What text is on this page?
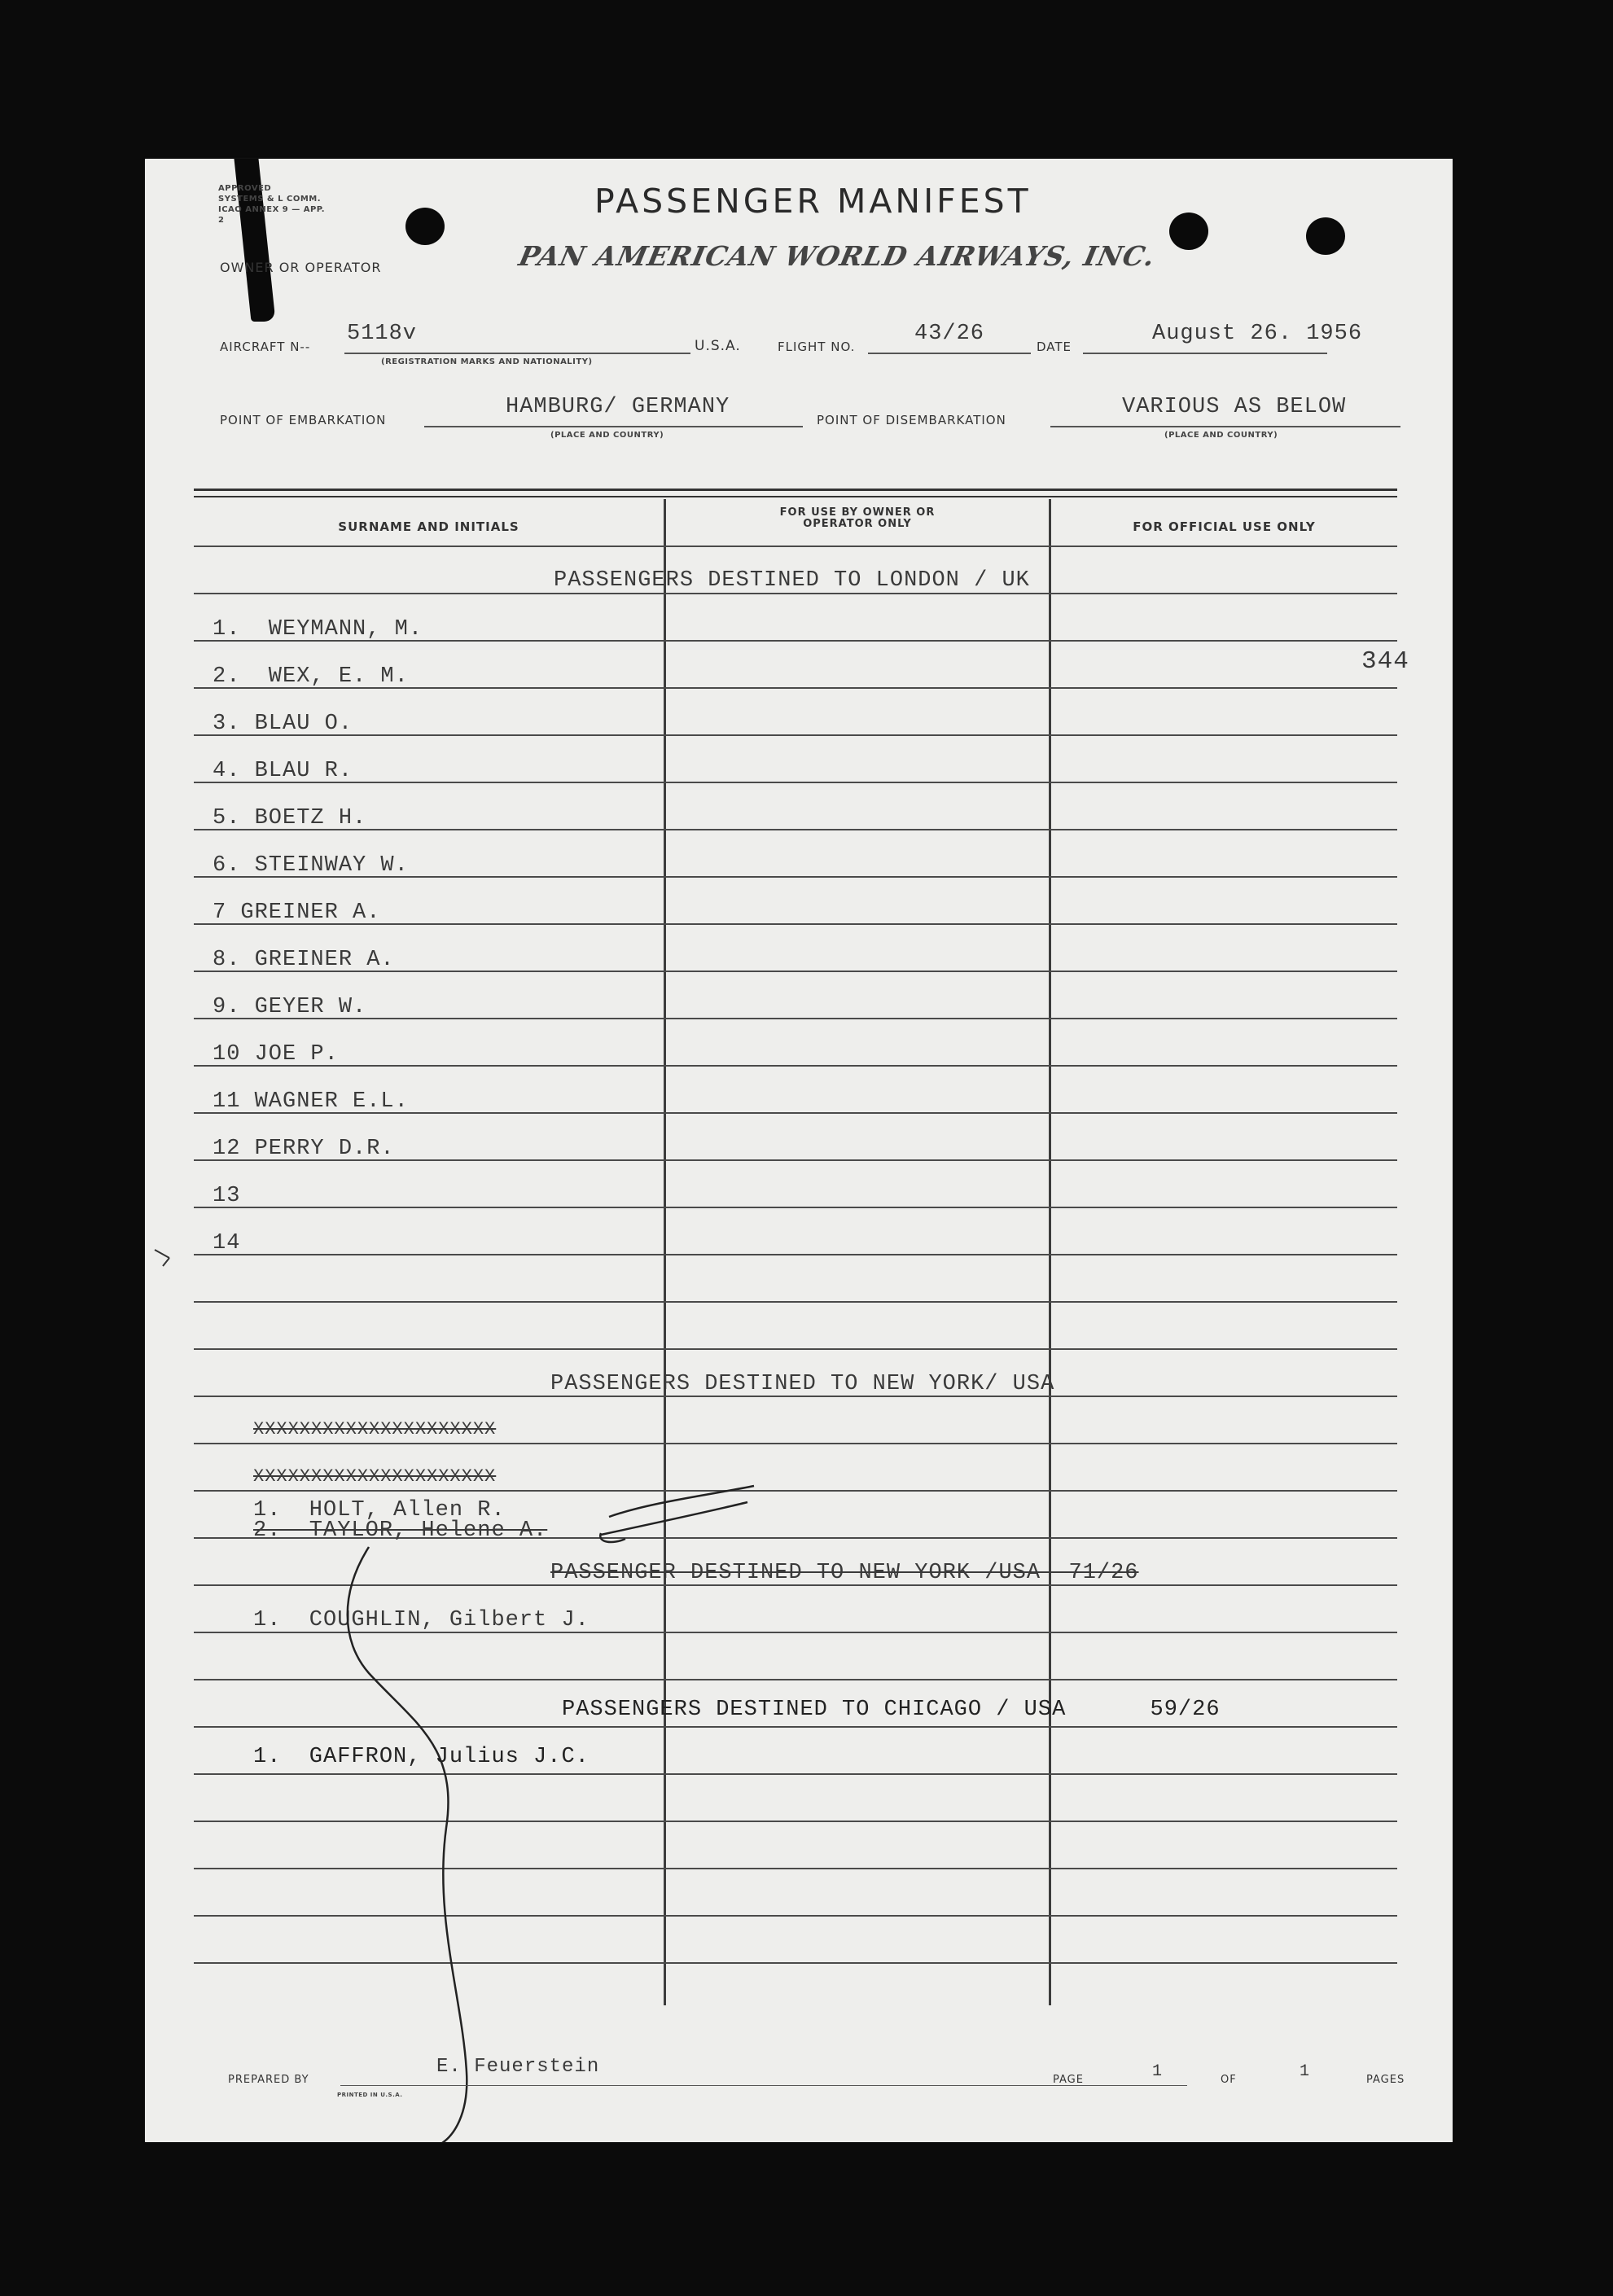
APPROVED
SYSTEMS & L COMM.
ICAO ANNEX 9 — APP. 2
OWNER OR OPERATOR
PASSENGER MANIFEST
PAN AMERICAN WORLD AIRWAYS, INC.
AIRCRAFT N--
5118v
(REGISTRATION MARKS AND NATIONALITY)
U.S.A.	FLIGHT NO.
43/26
DATE
August 26. 1956
POINT OF EMBARKATION
HAMBURG/ GERMANY
(PLACE AND COUNTRY)
POINT OF DISEMBARKATION
VARIOUS AS BELOW
(PLACE AND COUNTRY)
SURNAME AND INITIALS
FOR USE BY OWNER OR OPERATOR ONLY	FOR OFFICIAL USE ONLY
PASSENGERS DESTINED TO LONDON / UK
344
1.  WEYMANN, M.
2.  WEX, E. M.
3. BLAU O.
4. BLAU R.
5. BOETZ H.
6. STEINWAY W.
7 GREINER A.
8. GREINER A.
9. GEYER W.
10 JOE P.
11 WAGNER E.L.
12 PERRY D.R.
13
14
PASSENGERS DESTINED TO NEW YORK/ USA
XXXXXXXXXXXXXXXXXXXXX
XXXXXXXXXXXXXXXXXXXXX
1.  HOLT, Allen R.
2.  TAYLOR, Helene A.
PASSENGER DESTINED TO NEW YORK /USA  71/26
1.  COUGHLIN, Gilbert J.
PASSENGERS DESTINED TO CHICAGO / USA      59/26
1.  GAFFRON, Julius J.C.
PREPARED BY
E. Feuerstein
PRINTED IN U.S.A.
PAGE	1	OF	1	PAGES
